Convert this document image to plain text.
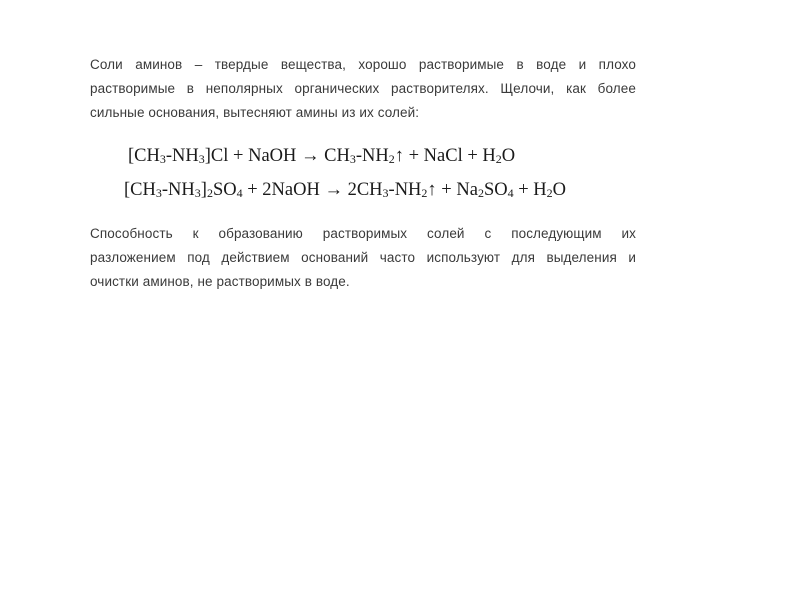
Соли аминов – твердые вещества, хорошо растворимые в воде и плохо
растворимые в неполярных органических растворителях. Щелочи, как более
сильные основания, вытесняют амины из их солей:

$[CH_3-NH_3]Cl$ + NaOH → $CH_3-NH_2↑$ + NaCl + $H_2O$
$[CH_3-NH_3]_2SO_4$ + 2NaOH → $2CH_3-NH_2↑ + Na_2SO_4 + H_2O$

Способность к образованию растворимых солей с последующим их
разложением под действием оснований часто используют для выделения и
очистки аминов, не растворимых в воде.
